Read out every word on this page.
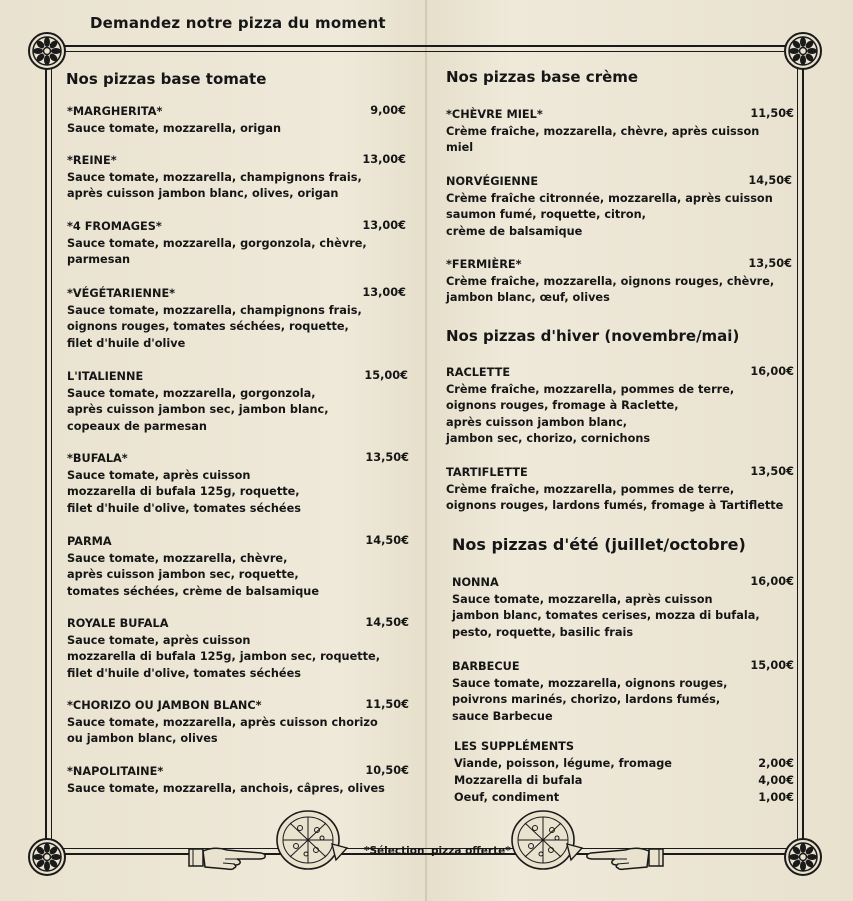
Demandez notre pizza du moment
Nos pizzas base tomate	Nos pizzas base crème
Nos pizzas d'hiver (novembre/mai)
Nos pizzas d'été (juillet/octobre)
*MARGHERITA*
Sauce tomate, mozzarella, origan
9,00€
*REINE*
Sauce tomate, mozzarella, champignons frais,
après cuisson jambon blanc, olives, origan
13,00€
*4 FROMAGES*
Sauce tomate, mozzarella, gorgonzola, chèvre,
parmesan
13,00€
*VÉGÉTARIENNE*
Sauce tomate, mozzarella, champignons frais,
oignons rouges, tomates séchées, roquette,
filet d'huile d'olive
13,00€
L'ITALIENNE
Sauce tomate, mozzarella, gorgonzola,
après cuisson jambon sec, jambon blanc,
copeaux de parmesan
15,00€
*BUFALA*
Sauce tomate, après cuisson
mozzarella di bufala 125g, roquette,
filet d'huile d'olive, tomates séchées
13,50€
PARMA
Sauce tomate, mozzarella, chèvre,
après cuisson jambon sec, roquette,
tomates séchées, crème de balsamique
14,50€
ROYALE BUFALA
Sauce tomate, après cuisson
mozzarella di bufala 125g, jambon sec, roquette,
filet d'huile d'olive, tomates séchées
14,50€
*CHORIZO OU JAMBON BLANC*
Sauce tomate, mozzarella, après cuisson chorizo
ou jambon blanc, olives
11,50€
*NAPOLITAINE*
Sauce tomate, mozzarella, anchois, câpres, olives
10,50€
*CHÈVRE MIEL*
Crème fraîche, mozzarella, chèvre, après cuisson
miel
11,50€
NORVÉGIENNE
Crème fraîche citronnée, mozzarella, après cuisson
saumon fumé, roquette, citron,
crème de balsamique
14,50€
*FERMIÈRE*
Crème fraîche, mozzarella, oignons rouges, chèvre,
jambon blanc, œuf, olives
13,50€
RACLETTE
Crème fraîche, mozzarella, pommes de terre,
oignons rouges, fromage à Raclette,
après cuisson jambon blanc,
jambon sec, chorizo, cornichons
16,00€
TARTIFLETTE
Crème fraîche, mozzarella, pommes de terre,
oignons rouges, lardons fumés, fromage à Tartiflette
13,50€
NONNA
Sauce tomate, mozzarella, après cuisson
jambon blanc, tomates cerises, mozza di bufala,
pesto, roquette, basilic frais
16,00€
BARBECUE
Sauce tomate, mozzarella, oignons rouges,
poivrons marinés, chorizo, lardons fumés,
sauce Barbecue
15,00€
LES SUPPLÉMENTS
Viande, poisson, légume, fromage	2,00€
Mozzarella di bufala	4,00€
Oeuf, condiment	1,00€
*Sélection pizza offerte*
